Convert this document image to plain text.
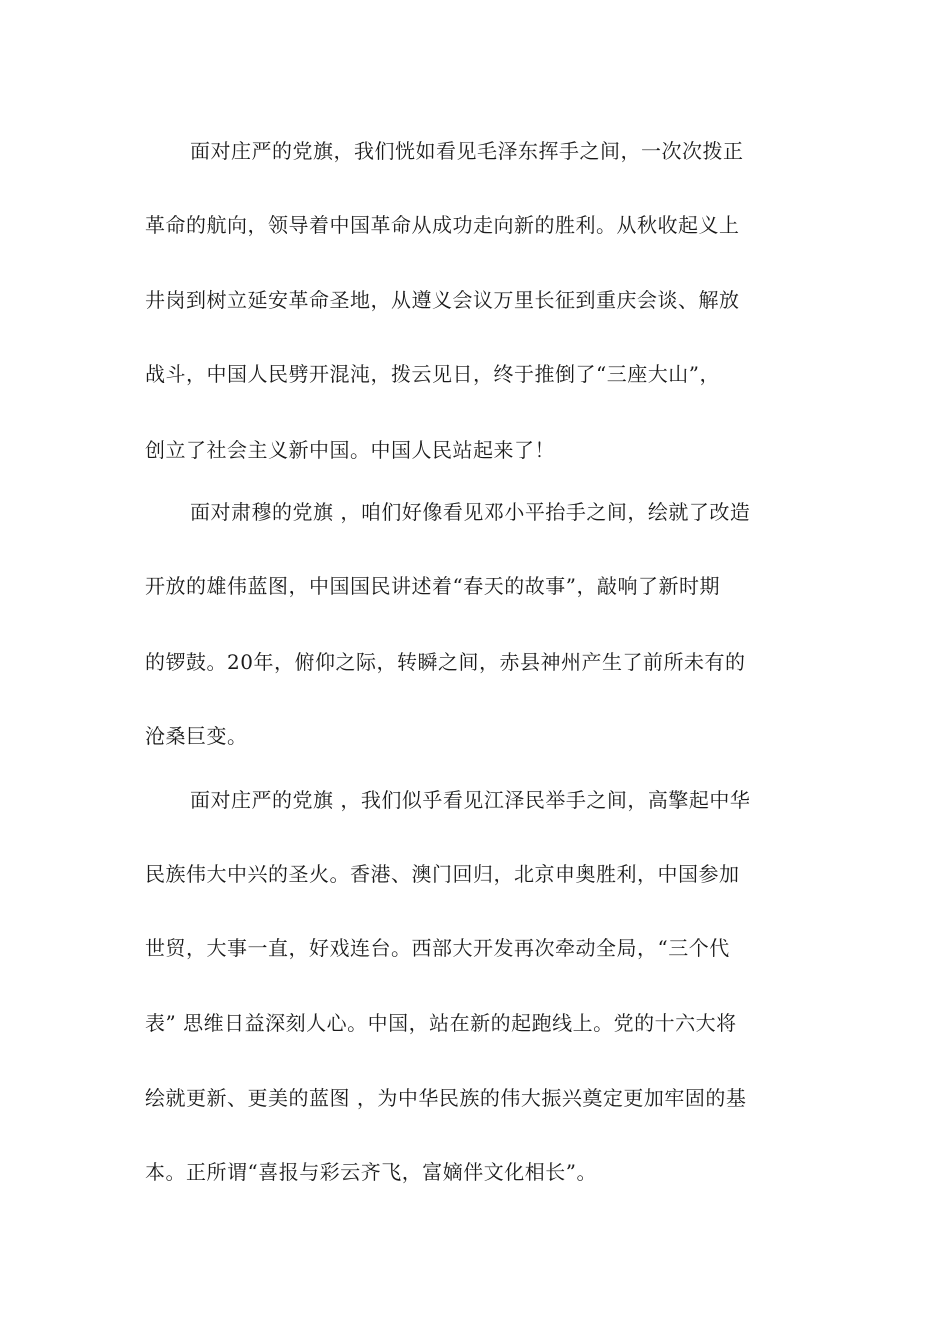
面对庄严的党旗，我们恍如看见毛泽东挥手之间，一次次拨正
革命的航向，领导着中国革命从成功走向新的胜利。从秋收起义上
井岗到树立延安革命圣地，从遵义会议万里长征到重庆会谈、解放
战斗，中国人民劈开混沌，拨云见日，终于推倒了“三座大山”，
创立了社会主义新中国。中国人民站起来了！
面对肃穆的党旗 ，咱们好像看见邓小平抬手之间，绘就了改造
开放的雄伟蓝图，中国国民讲述着“春天的故事”，敲响了新时期
的锣鼓。20年，俯仰之际，转瞬之间，赤县神州产生了前所未有的
沧桑巨变。
面对庄严的党旗 ，我们似乎看见江泽民举手之间，高擎起中华
民族伟大中兴的圣火。香港、澳门回归，北京申奥胜利，中国参加
世贸，大事一直，好戏连台。西部大开发再次牵动全局，“三个代
表” 思维日益深刻人心。中国，站在新的起跑线上。党的十六大将
绘就更新、更美的蓝图 ，为中华民族的伟大振兴奠定更加牢固的基
本。正所谓“喜报与彩云齐飞，富嫡伴文化相长”。
